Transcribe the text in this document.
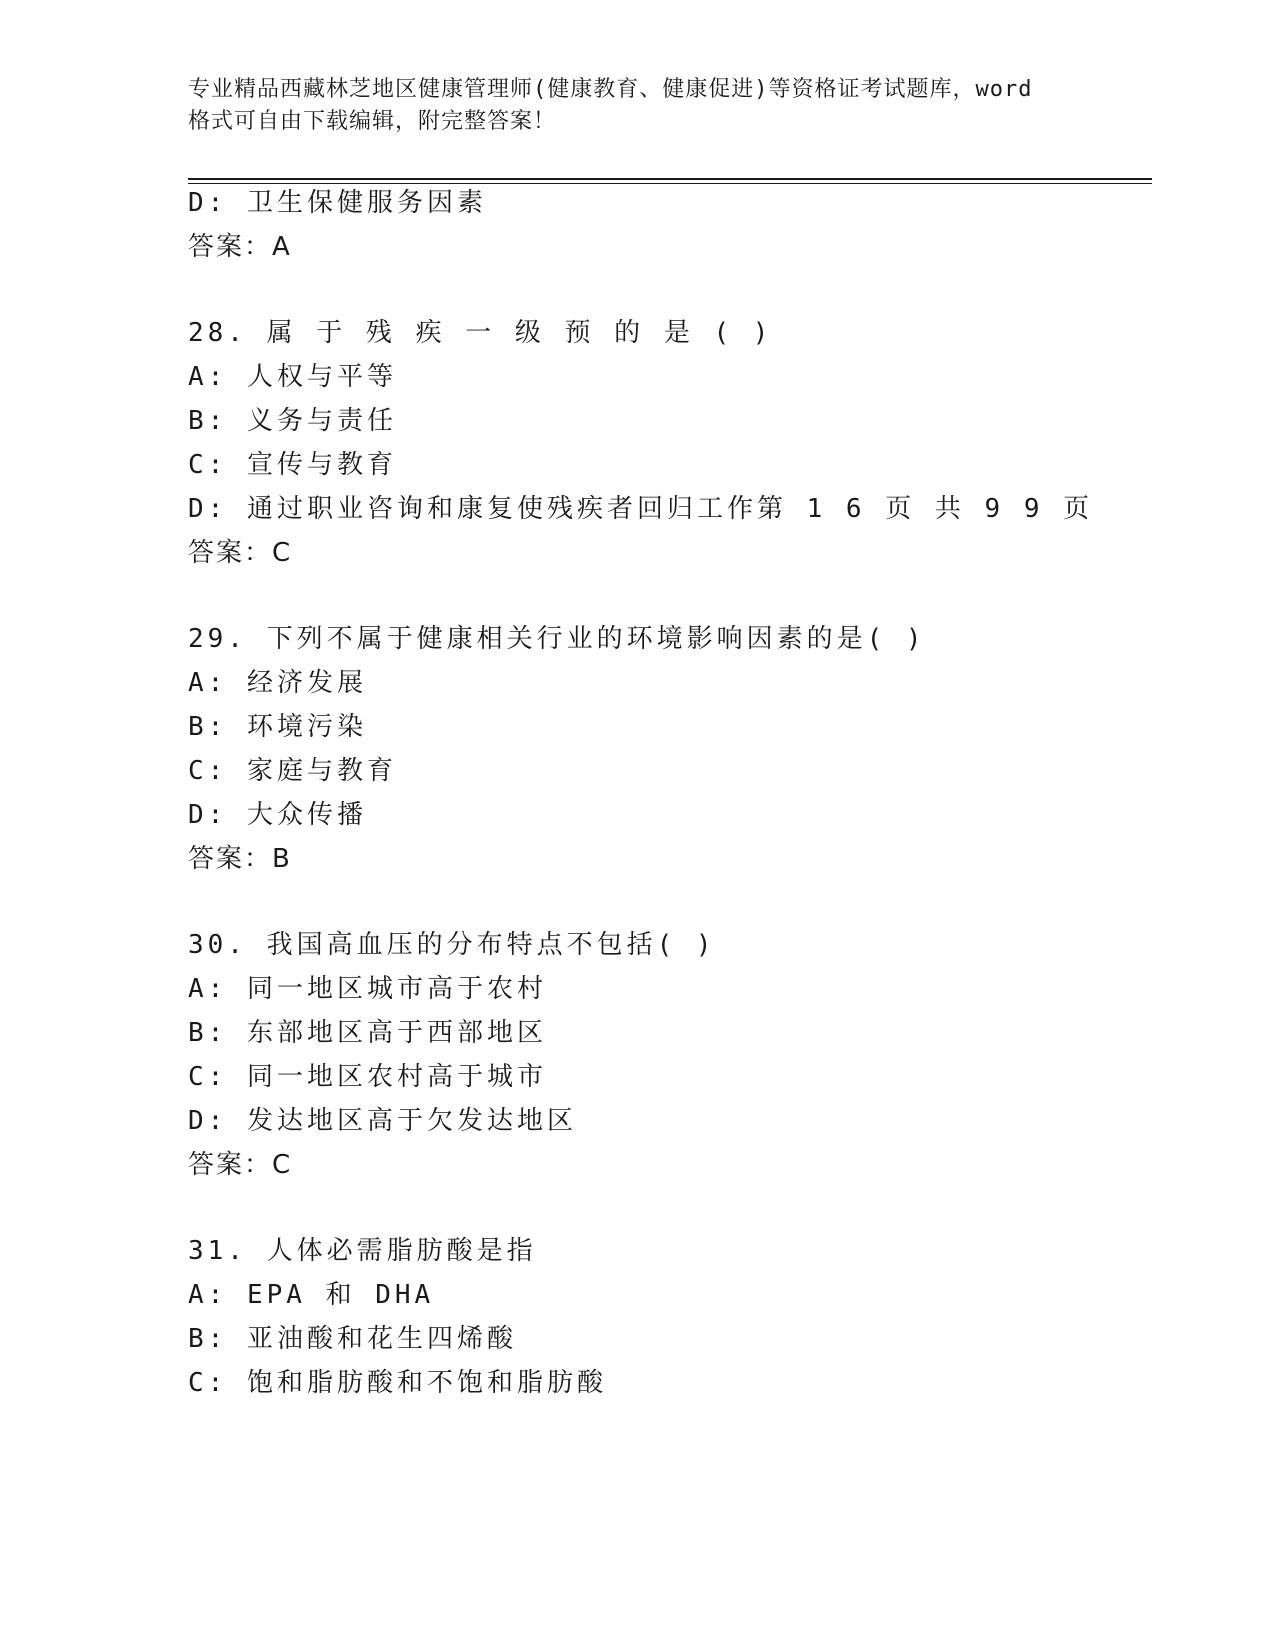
专业精品西藏林芝地区健康管理师(健康教育、健康促进)等资格证考试题库，word
格式可自由下载编辑，附完整答案！
D: 卫生保健服务因素
答案：A
28. 属 于 残 疾 一 级 预 的 是 ( )
A: 人权与平等
B: 义务与责任
C: 宣传与教育
D: 通过职业咨询和康复使残疾者回归工作第 1 6 页 共 9 9 页
答案：C
29. 下列不属于健康相关行业的环境影响因素的是( )
A: 经济发展
B: 环境污染
C: 家庭与教育
D: 大众传播
答案：B
30. 我国高血压的分布特点不包括( )
A: 同一地区城市高于农村
B: 东部地区高于西部地区
C: 同一地区农村高于城市
D: 发达地区高于欠发达地区
答案：C
31. 人体必需脂肪酸是指
A: EPA 和 DHA
B: 亚油酸和花生四烯酸
C: 饱和脂肪酸和不饱和脂肪酸
